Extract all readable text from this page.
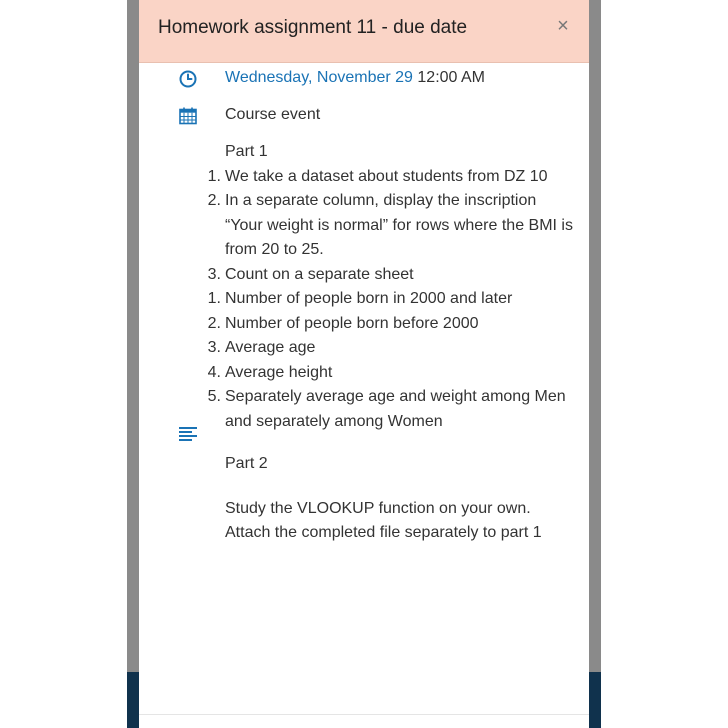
Homework assignment 11 - due date	×
Wednesday, November 29 12:00 AM
Course event

Part 1

1. We take a dataset about students from DZ 10
2. In a separate column, display the inscription “Your weight is normal” for rows where the BMI is from 20 to 25.
3. Count on a separate sheet
1. Number of people born in 2000 and later
2. Number of people born before 2000
3. Average age
4. Average height
5. Separately average age and weight among Men and separately among Women

Part 2

Study the VLOOKUP function on your own. Attach the completed file separately to part 1
